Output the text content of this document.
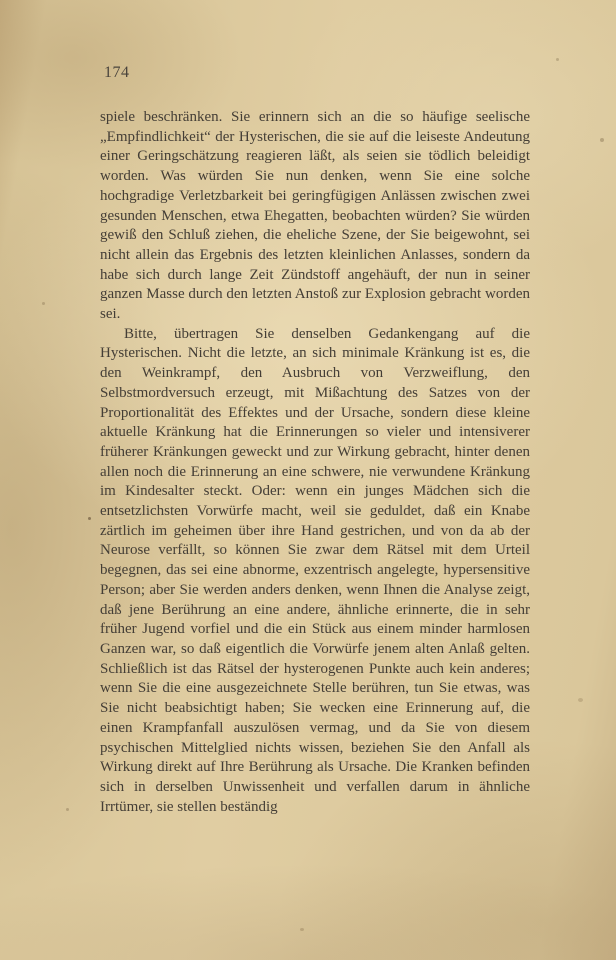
174

spiele beschränken. Sie erinnern sich an die so häufige seelische „Empfindlichkeit“ der Hysterischen, die sie auf die leiseste Andeutung einer Geringschätzung reagieren läßt, als seien sie tödlich beleidigt worden. Was würden Sie nun denken, wenn Sie eine solche hochgradige Verletzbarkeit bei geringfügigen Anlässen zwischen zwei gesunden Menschen, etwa Ehegatten, beobachten würden? Sie würden gewiß den Schluß ziehen, die eheliche Szene, der Sie beigewohnt, sei nicht allein das Ergebnis des letzten kleinlichen Anlasses, sondern da habe sich durch lange Zeit Zündstoff angehäuft, der nun in seiner ganzen Masse durch den letzten Anstoß zur Explosion gebracht worden sei.

Bitte, übertragen Sie denselben Gedankengang auf die Hysterischen. Nicht die letzte, an sich minimale Kränkung ist es, die den Weinkrampf, den Ausbruch von Verzweiflung, den Selbstmordversuch erzeugt, mit Mißachtung des Satzes von der Proportionalität des Effektes und der Ursache, sondern diese kleine aktuelle Kränkung hat die Erinnerungen so vieler und intensiverer früherer Kränkungen geweckt und zur Wirkung gebracht, hinter denen allen noch die Erinnerung an eine schwere, nie verwundene Kränkung im Kindesalter steckt. Oder: wenn ein junges Mädchen sich die entsetzlichsten Vorwürfe macht, weil sie geduldet, daß ein Knabe zärtlich im geheimen über ihre Hand gestrichen, und von da ab der Neurose verfällt, so können Sie zwar dem Rätsel mit dem Urteil begegnen, das sei eine abnorme, exzentrisch angelegte, hypersensitive Person; aber Sie werden anders denken, wenn Ihnen die Analyse zeigt, daß jene Berührung an eine andere, ähnliche erinnerte, die in sehr früher Jugend vorfiel und die ein Stück aus einem minder harmlosen Ganzen war, so daß eigentlich die Vorwürfe jenem alten Anlaß gelten. Schließlich ist das Rätsel der hysterogenen Punkte auch kein anderes; wenn Sie die eine ausgezeichnete Stelle berühren, tun Sie etwas, was Sie nicht beabsichtigt haben; Sie wecken eine Erinnerung auf, die einen Krampfanfall auszulösen vermag, und da Sie von diesem psychischen Mittelglied nichts wissen, beziehen Sie den Anfall als Wirkung direkt auf Ihre Berührung als Ursache. Die Kranken befinden sich in derselben Unwissenheit und verfallen darum in ähnliche Irrtümer, sie stellen beständig
